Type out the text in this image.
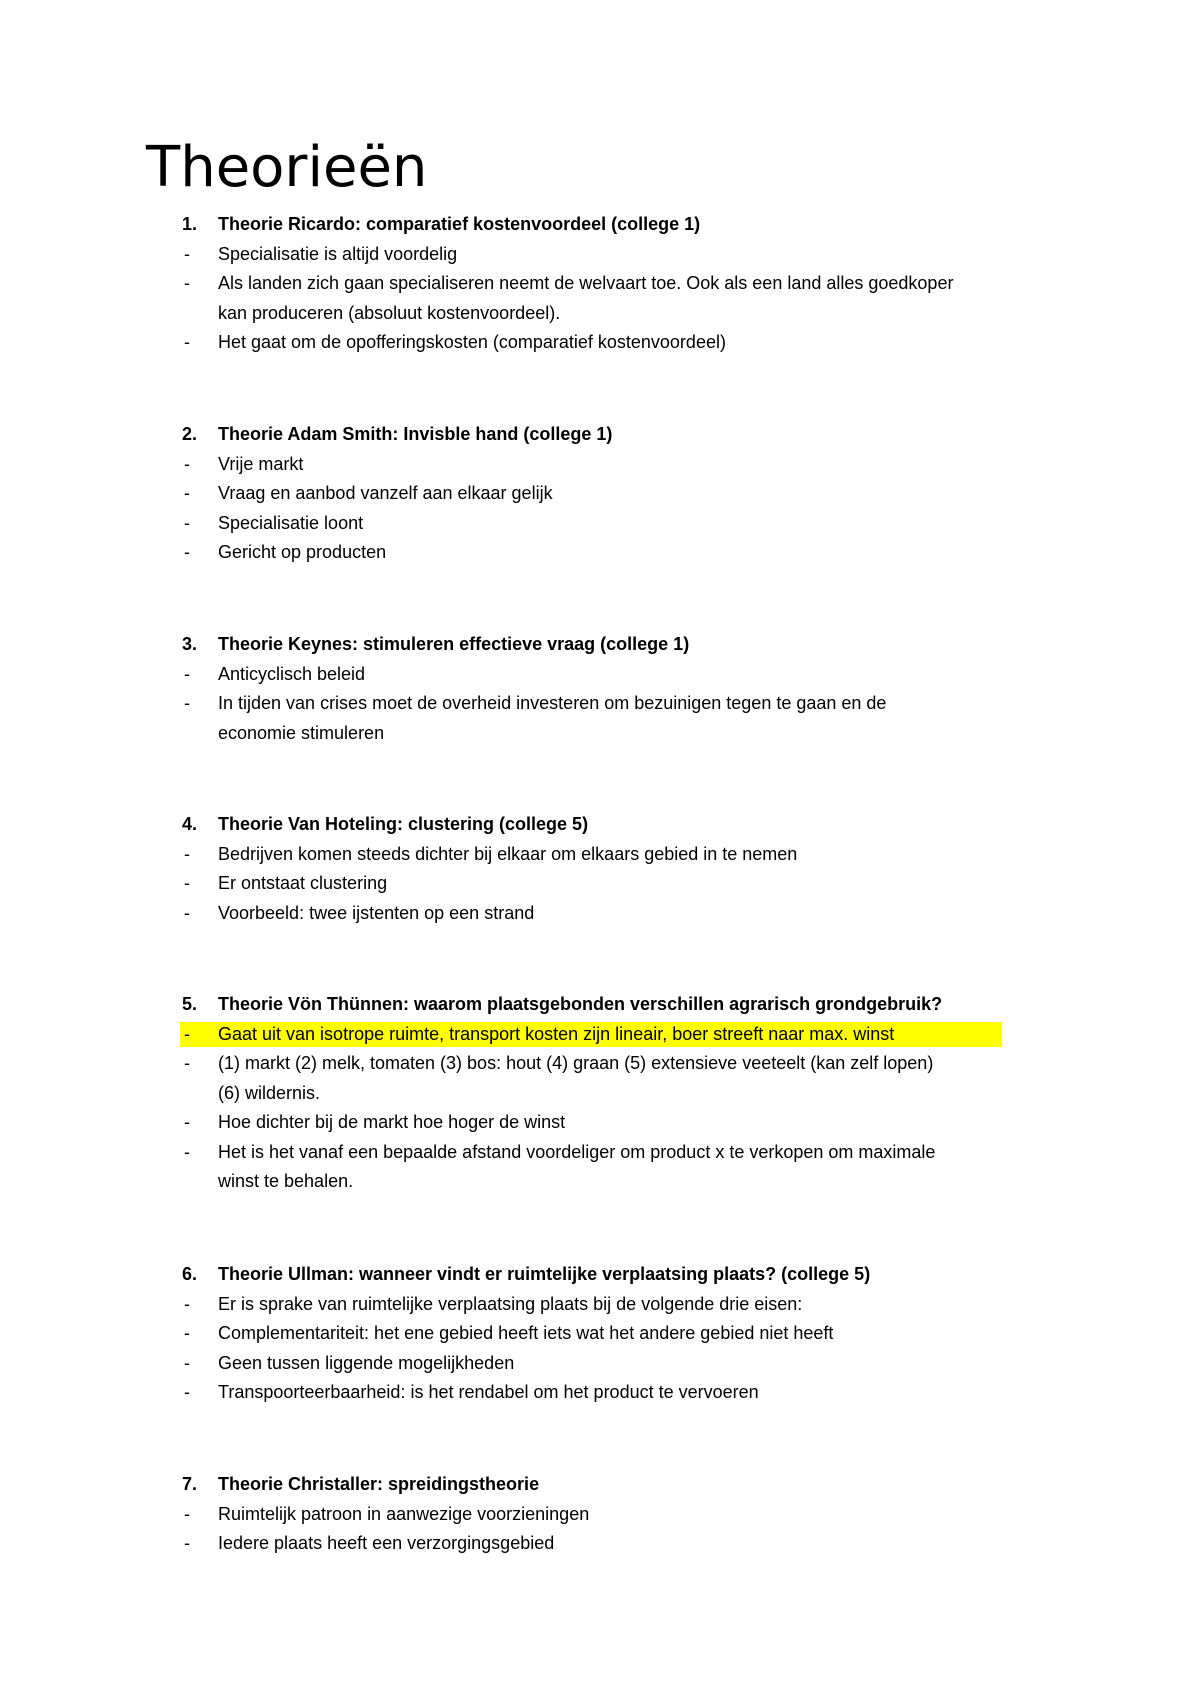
Theorieën
1. Theorie Ricardo: comparatief kostenvoordeel (college 1)
- Specialisatie is altijd voordelig
- Als landen zich gaan specialiseren neemt de welvaart toe. Ook als een land alles goedkoper
kan produceren (absoluut kostenvoordeel).
- Het gaat om de opofferingskosten (comparatief kostenvoordeel)
2. Theorie Adam Smith: Invisble hand (college 1)
- Vrije markt
- Vraag en aanbod vanzelf aan elkaar gelijk
- Specialisatie loont
- Gericht op producten
3. Theorie Keynes: stimuleren effectieve vraag (college 1)
- Anticyclisch beleid
- In tijden van crises moet de overheid investeren om bezuinigen tegen te gaan en de
economie stimuleren
4. Theorie Van Hoteling: clustering (college 5)
- Bedrijven komen steeds dichter bij elkaar om elkaars gebied in te nemen
- Er ontstaat clustering
- Voorbeeld: twee ijstenten op een strand
5. Theorie Vön Thünnen: waarom plaatsgebonden verschillen agrarisch grondgebruik?
- Gaat uit van isotrope ruimte, transport kosten zijn lineair, boer streeft naar max. winst
- (1) markt (2) melk, tomaten (3) bos: hout (4) graan (5) extensieve veeteelt (kan zelf lopen)
(6) wildernis.
- Hoe dichter bij de markt hoe hoger de winst
- Het is het vanaf een bepaalde afstand voordeliger om product x te verkopen om maximale
winst te behalen.
6. Theorie Ullman: wanneer vindt er ruimtelijke verplaatsing plaats? (college 5)
- Er is sprake van ruimtelijke verplaatsing plaats bij de volgende drie eisen:
- Complementariteit: het ene gebied heeft iets wat het andere gebied niet heeft
- Geen tussen liggende mogelijkheden
- Transpoorteerbaarheid: is het rendabel om het product te vervoeren
7. Theorie Christaller: spreidingstheorie
- Ruimtelijk patroon in aanwezige voorzieningen
- Iedere plaats heeft een verzorgingsgebied
